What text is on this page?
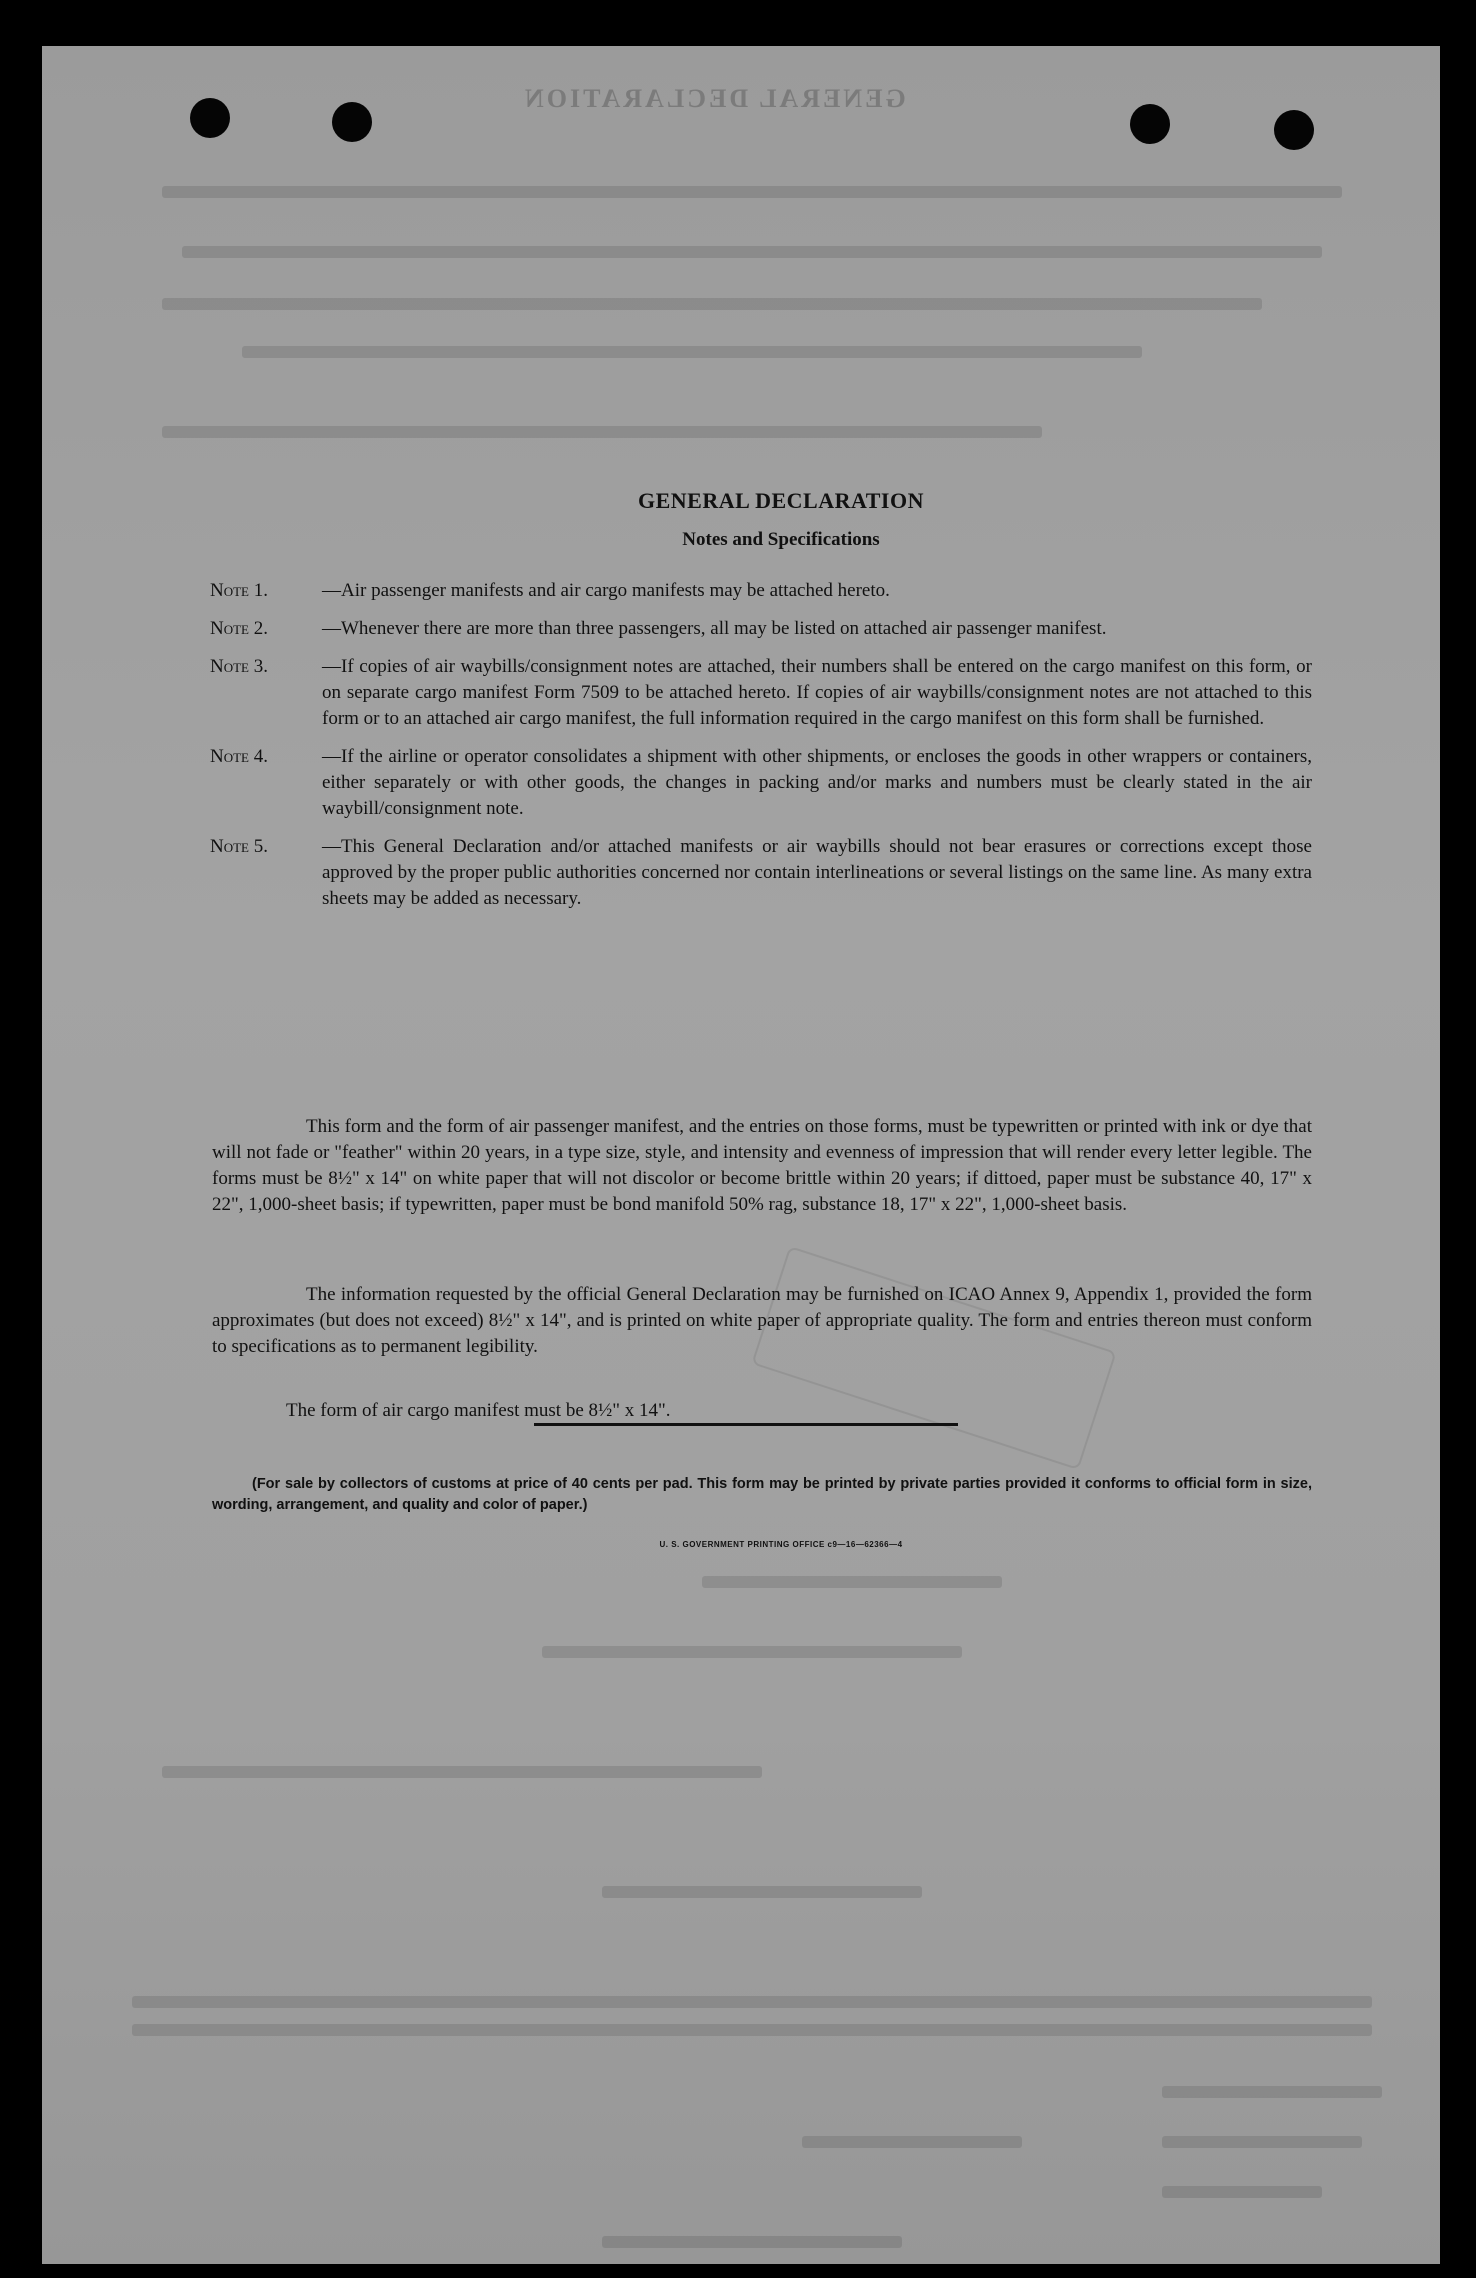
GENERAL DECLARATION
GENERAL DECLARATION
Notes and Specifications
Note 1.	—Air passenger manifests and air cargo manifests may be attached hereto.
Note 2.	—Whenever there are more than three passengers, all may be listed on attached air passenger manifest.
Note 3.	—If copies of air waybills/consignment notes are attached, their numbers shall be entered on the cargo manifest on this form, or on separate cargo manifest Form 7509 to be attached hereto. If copies of air waybills/consignment notes are not attached to this form or to an attached air cargo manifest, the full information required in the cargo manifest on this form shall be furnished.
Note 4.	—If the airline or operator consolidates a shipment with other shipments, or encloses the goods in other wrappers or containers, either separately or with other goods, the changes in packing and/or marks and numbers must be clearly stated in the air waybill/consignment note.
Note 5.	—This General Declaration and/or attached manifests or air waybills should not bear erasures or corrections except those approved by the proper public authorities concerned nor contain interlineations or several listings on the same line. As many extra sheets may be added as necessary.
This form and the form of air passenger manifest, and the entries on those forms, must be typewritten or printed with ink or dye that will not fade or "feather" within 20 years, in a type size, style, and intensity and evenness of impression that will render every letter legible. The forms must be 8½" x 14" on white paper that will not discolor or become brittle within 20 years; if dittoed, paper must be substance 40, 17" x 22", 1,000-sheet basis; if typewritten, paper must be bond manifold 50% rag, substance 18, 17" x 22", 1,000-sheet basis.
The information requested by the official General Declaration may be furnished on ICAO Annex 9, Appendix 1, provided the form approximates (but does not exceed) 8½" x 14", and is printed on white paper of appropriate quality. The form and entries thereon must conform to specifications as to permanent legibility.
The form of air cargo manifest must be 8½" x 14".
(For sale by collectors of customs at price of 40 cents per pad. This form may be printed by private parties provided it conforms to official form in size, wording, arrangement, and quality and color of paper.)
U. S. GOVERNMENT PRINTING OFFICE c9—16—62366—4
